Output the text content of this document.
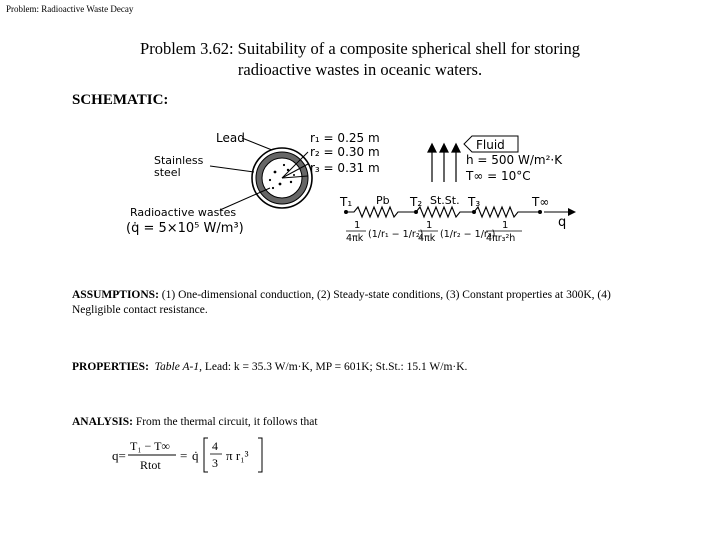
Problem: Radioactive Waste Decay
Problem 3.62: Suitability of a composite spherical shell for storing
radioactive wastes in oceanic waters.
SCHEMATIC:
Lead
Stainless
steel
Radioactive wastes
(q̇ = 5×10⁵ W/m³)
r₁ = 0.25 m
r₂ = 0.30 m
r₃ = 0.31 m
Fluid
h = 500 W/m²·K
T∞ = 10°C
T₁ Pb T₂ St.St. T₃	T∞
q
1
4πk (1/r₁ − 1/r₂)
1
4πk (1/r₂ − 1/r₃)
1
4πr₃²h
ASSUMPTIONS: (1) One-dimensional conduction, (2) Steady-state conditions, (3) Constant properties at 300K, (4) Negligible contact resistance.
PROPERTIES: Table A-1, Lead: k = 35.3 W/m·K, MP = 601K; St.St.: 15.1 W/m·K.
ANALYSIS: From the thermal circuit, it follows that
q=
T₁ − T∞
Rtot
= q̇
4
3 π r₁³
